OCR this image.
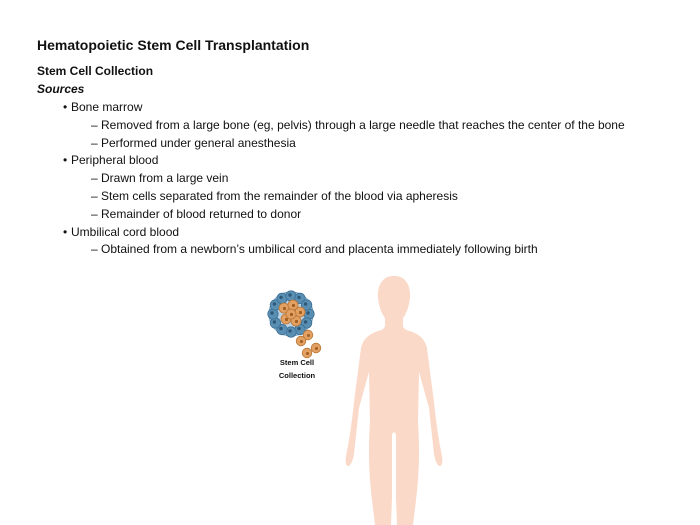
Hematopoietic Stem Cell Transplantation
Stem Cell Collection
Sources
• Bone marrow
– Removed from a large bone (eg, pelvis) through a large needle that reaches the center of the bone
– Performed under general anesthesia
• Peripheral blood
– Drawn from a large vein
– Stem cells separated from the remainder of the blood via apheresis
– Remainder of blood returned to donor
• Umbilical cord blood
– Obtained from a newborn’s umbilical cord and placenta immediately following birth
Stem Cell
Collection
